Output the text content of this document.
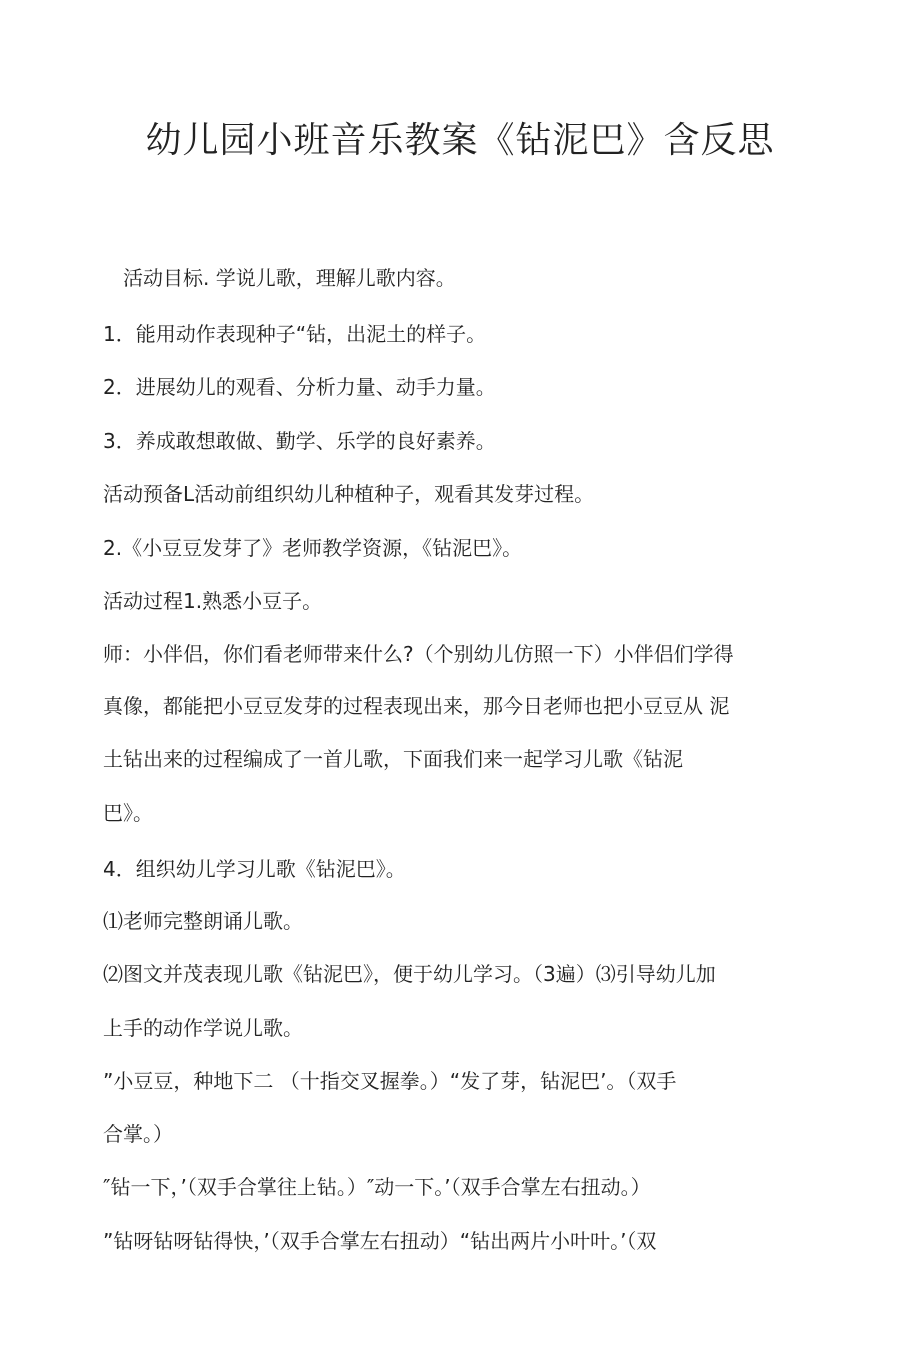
幼儿园小班音乐教案《钻泥巴》含反思
　活动目标. 学说儿歌，理解儿歌内容。
1．能用动作表现种子“钻，出泥土的样子。
2．进展幼儿的观看、分析力量、动手力量。
3．养成敢想敢做、勤学、乐学的良好素养。
活动预备L活动前组织幼儿种植种子，观看其发芽过程。
2.《小豆豆发芽了》老师教学资源，《钻泥巴》。
活动过程1.熟悉小豆子。
师：小伴侣，你们看老师带来什么?（个别幼儿仿照一下）小伴侣们学得
真像，都能把小豆豆发芽的过程表现出来，那今日老师也把小豆豆从 泥
土钻出来的过程编成了一首儿歌，下面我们来一起学习儿歌《钻泥
巴》。
4．组织幼儿学习儿歌《钻泥巴》。
⑴老师完整朗诵儿歌。
⑵图文并茂表现儿歌《钻泥巴》，便于幼儿学习。（3遍）⑶引导幼儿加
上手的动作学说儿歌。
”小豆豆，种地下二 （十指交叉握拳。）“发了芽，钻泥巴’。（双手
合掌。）
″钻一下，’（双手合掌往上钻。）″动一下。’（双手合掌左右扭动。）
”钻呀钻呀钻得快，’（双手合掌左右扭动）“钻出两片小叶叶。’（双
